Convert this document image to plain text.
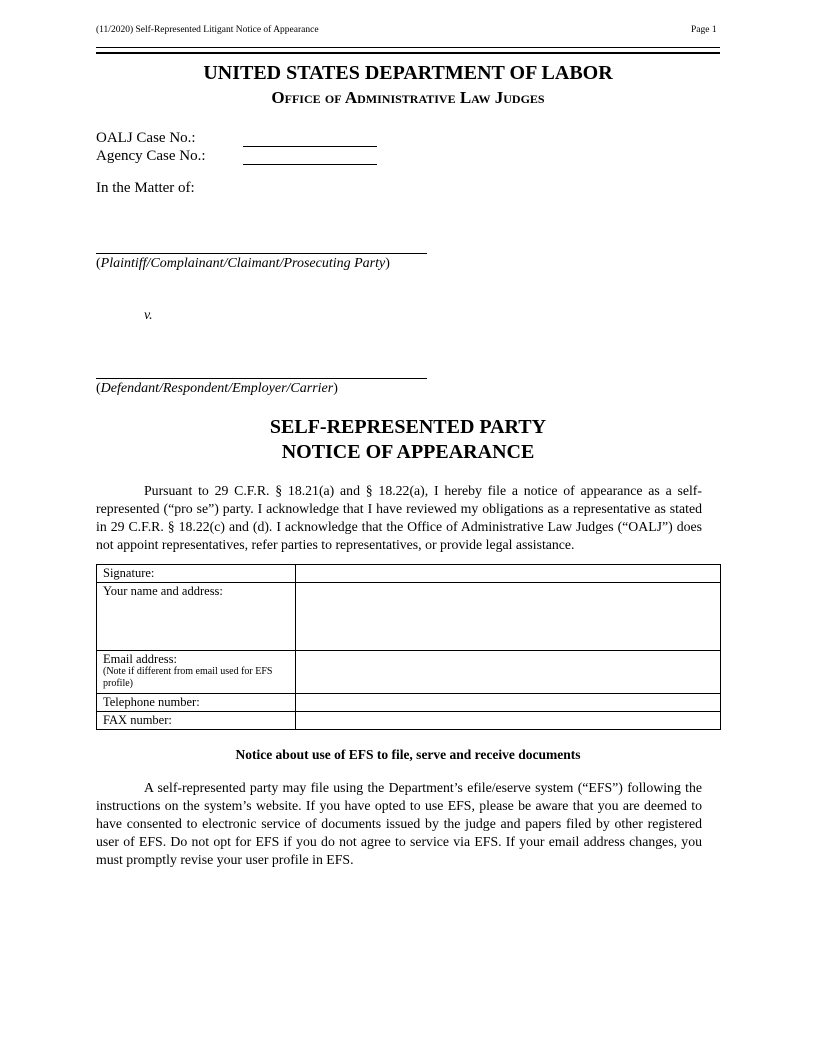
(11/2020) Self-Represented Litigant Notice of Appearance	Page 1
UNITED STATES DEPARTMENT OF LABOR
Office of Administrative Law Judges
OALJ Case No.:
Agency Case No.:
In the Matter of:
(Plaintiff/Complainant/Claimant/Prosecuting Party)
v.
(Defendant/Respondent/Employer/Carrier)
SELF-REPRESENTED PARTY
NOTICE OF APPEARANCE
Pursuant to 29 C.F.R. § 18.21(a) and § 18.22(a), I hereby file a notice of appearance as a self-represented (“pro se”) party. I acknowledge that I have reviewed my obligations as a representative as stated in 29 C.F.R. § 18.22(c) and (d). I acknowledge that the Office of Administrative Law Judges (“OALJ”) does not appoint representatives, refer parties to representatives, or provide legal assistance.
Signature:	
Your name and address:	
Email address:
(Note if different from email used for EFS profile)	

Telephone number:	
FAX number:	
Notice about use of EFS to file, serve and receive documents
A self-represented party may file using the Department’s efile/eserve system (“EFS”) following the instructions on the system’s website. If you have opted to use EFS, please be aware that you are deemed to have consented to electronic service of documents issued by the judge and papers filed by other registered user of EFS. Do not opt for EFS if you do not agree to service via EFS. If your email address changes, you must promptly revise your user profile in EFS.
